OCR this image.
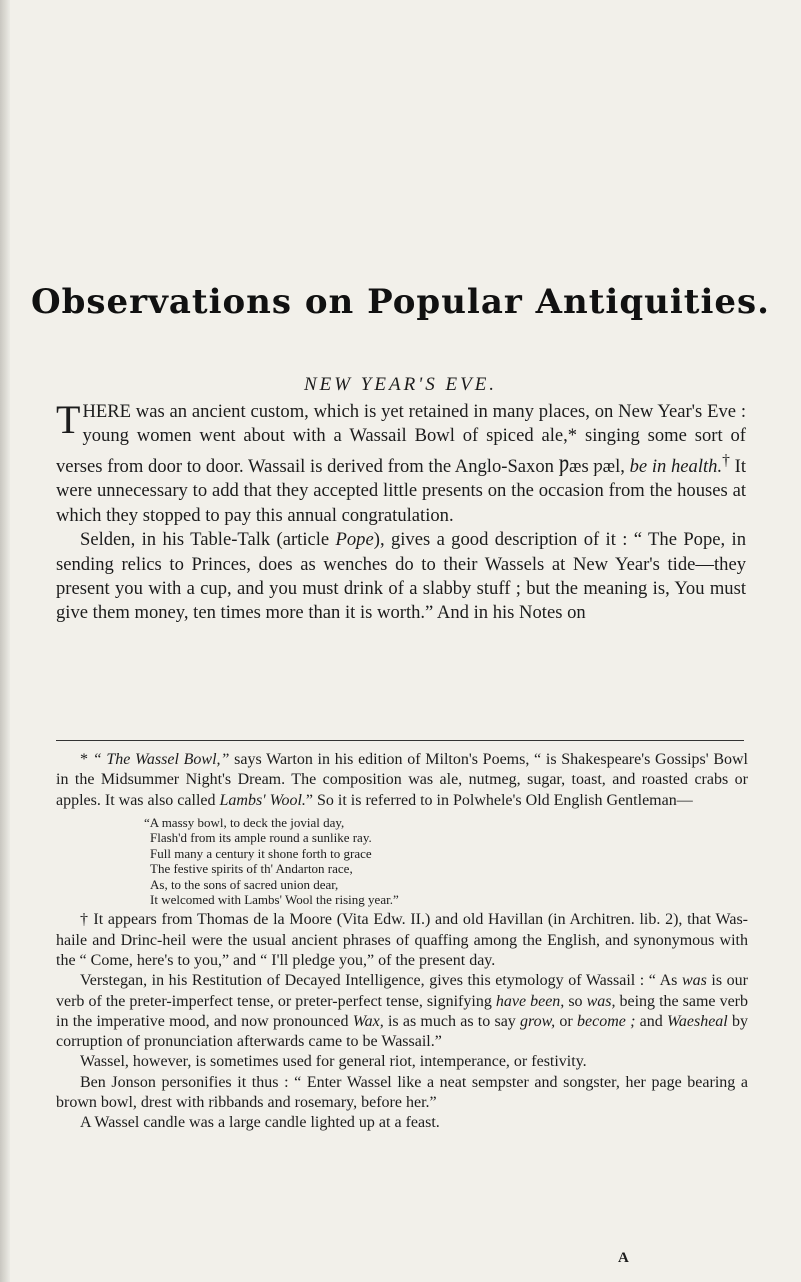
Observations on Popular Antiquities.
NEW YEAR'S EVE.

THERE was an ancient custom, which is yet retained in many places, on New Year's Eve : young women went about with a Wassail Bowl of spiced ale,* singing some sort of verses from door to door. Wassail is derived from the Anglo-Saxon Ƿæs ƿæl, be in health.† It were unnecessary to add that they accepted little presents on the occasion from the houses at which they stopped to pay this annual congratulation.

Selden, in his Table-Talk (article Pope), gives a good description of it : “ The Pope, in sending relics to Princes, does as wenches do to their Wassels at New Year's tide—they present you with a cup, and you must drink of a slabby stuff ; but the meaning is, You must give them money, ten times more than it is worth.” And in his Notes on

* “ The Wassel Bowl,” says Warton in his edition of Milton's Poems, “ is Shakespeare's Gossips' Bowl in the Midsummer Night's Dream. The composition was ale, nutmeg, sugar, toast, and roasted crabs or apples. It was also called Lambs' Wool.” So it is referred to in Polwhele's Old English Gentleman—

“A massy bowl, to deck the jovial day,
Flash'd from its ample round a sunlike ray.
Full many a century it shone forth to grace
The festive spirits of th' Andarton race,
As, to the sons of sacred union dear,
It welcomed with Lambs' Wool the rising year.”

† It appears from Thomas de la Moore (Vita Edw. II.) and old Havillan (in Architren. lib. 2), that Was-haile and Drinc-heil were the usual ancient phrases of quaffing among the English, and synonymous with the “ Come, here's to you,” and “ I'll pledge you,” of the present day.

Verstegan, in his Restitution of Decayed Intelligence, gives this etymology of Wassail : “ As was is our verb of the preter-imperfect tense, or preter-perfect tense, signifying have been, so was, being the same verb in the imperative mood, and now pronounced Wax, is as much as to say grow, or become ; and Waesheal by corruption of pronunciation afterwards came to be Wassail.”

Wassel, however, is sometimes used for general riot, intemperance, or festivity.

Ben Jonson personifies it thus : “ Enter Wassel like a neat sempster and songster, her page bearing a brown bowl, drest with ribbands and rosemary, before her.”

A Wassel candle was a large candle lighted up at a feast.

A
